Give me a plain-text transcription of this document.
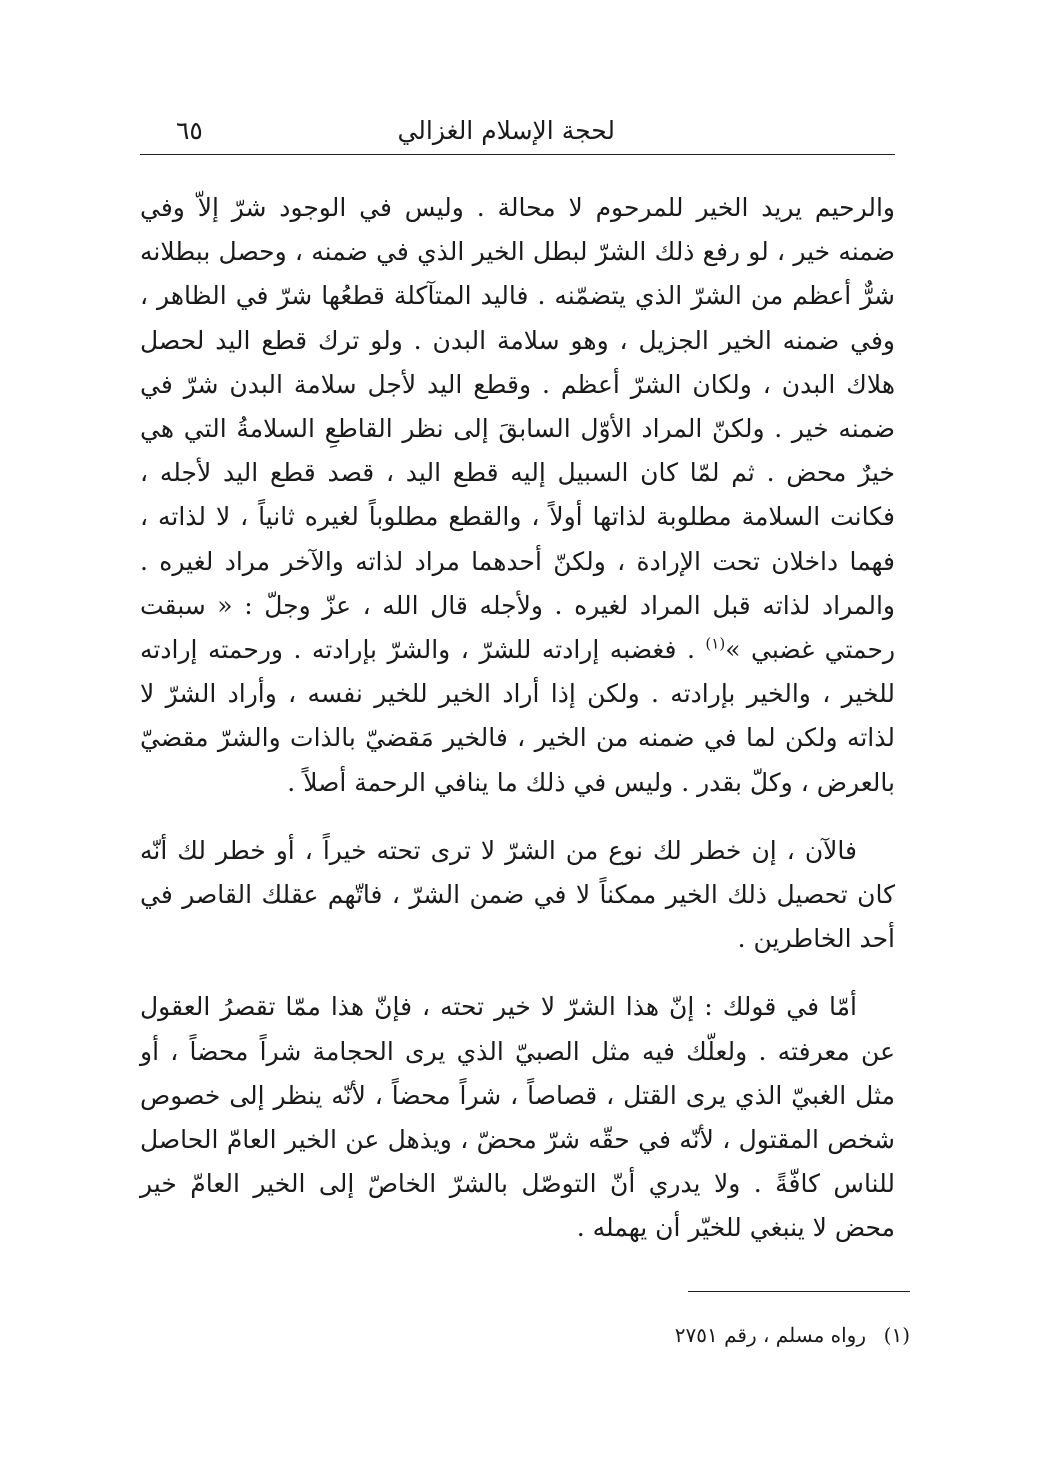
لحجة الإسلام الغزالي
٦٥

والرحيم يريد الخير للمرحوم لا محالة . وليس في الوجود شرّ إلاّ وفي ضمنه خير ، لو رفع ذلك الشرّ لبطل الخير الذي في ضمنه ، وحصل ببطلانه شرٌّ أعظم من الشرّ الذي يتضمّنه . فاليد المتآكلة قطعُها شرّ في الظاهر ، وفي ضمنه الخير الجزيل ، وهو سلامة البدن . ولو ترك قطع اليد لحصل هلاك البدن ، ولكان الشرّ أعظم . وقطع اليد لأجل سلامة البدن شرّ في ضمنه خير . ولكنّ المراد الأوّل السابقَ إلى نظر القاطعِ السلامةُ التي هي خيرٌ محض . ثم لمّا كان السبيل إليه قطع اليد ، قصد قطع اليد لأجله ، فكانت السلامة مطلوبة لذاتها أولاً ، والقطع مطلوباً لغيره ثانياً ، لا لذاته ، فهما داخلان تحت الإرادة ، ولكنّ أحدهما مراد لذاته والآخر مراد لغيره . والمراد لذاته قبل المراد لغيره . ولأجله قال الله ، عزّ وجلّ : « سبقت رحمتي غضبي »$^{(١)}$ . فغضبه إرادته للشرّ ، والشرّ بإرادته . ورحمته إرادته للخير ، والخير بإرادته . ولكن إذا أراد الخير للخير نفسه ، وأراد الشرّ لا لذاته ولكن لما في ضمنه من الخير ، فالخير مَقضيّ بالذات والشرّ مقضيّ بالعرض ، وكلّ بقدر . وليس في ذلك ما ينافي الرحمة أصلاً .

فالآن ، إن خطر لك نوع من الشرّ لا ترى تحته خيراً ، أو خطر لك أنّه كان تحصيل ذلك الخير ممكناً لا في ضمن الشرّ ، فاتّهم عقلك القاصر في أحد الخاطرين .

أمّا في قولك : إنّ هذا الشرّ لا خير تحته ، فإنّ هذا ممّا تقصرُ العقول عن معرفته . ولعلّك فيه مثل الصبيّ الذي يرى الحجامة شراً محضاً ، أو مثل الغبيّ الذي يرى القتل ، قصاصاً ، شراً محضاً ، لأنّه ينظر إلى خصوص شخص المقتول ، لأنّه في حقّه شرّ محضّ ، ويذهل عن الخير العامّ الحاصل للناس كافّةً . ولا يدري أنّ التوصّل بالشرّ الخاصّ إلى الخير العامّ خير محض لا ينبغي للخيّر أن يهمله .

(١)رواه مسلم ، رقم ٢٧٥١
